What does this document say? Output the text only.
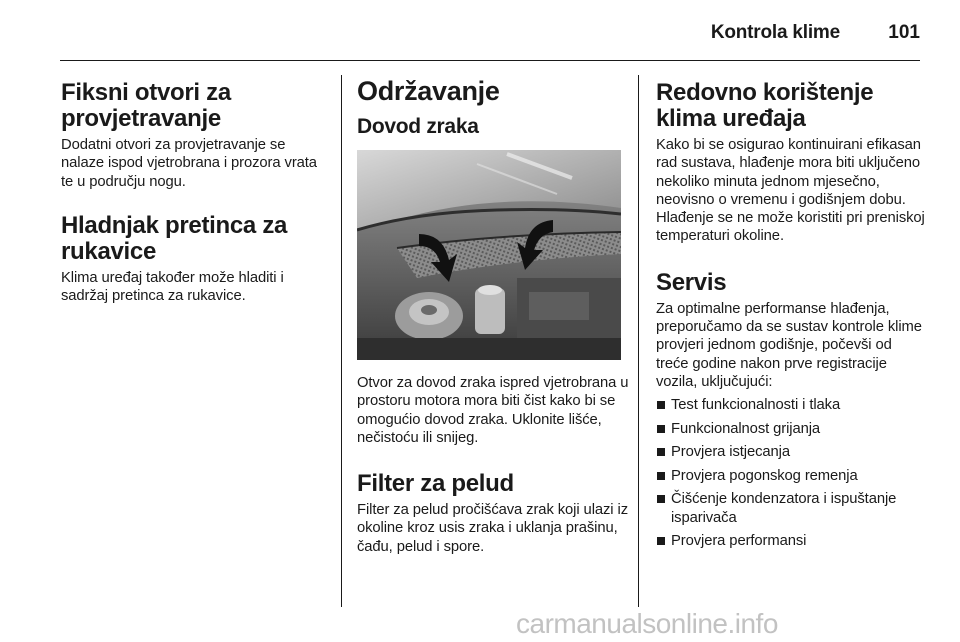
Kontrola klime	101
Fiksni otvori za provjetravanje

Dodatni otvori za provjetravanje se nalaze ispod vjetrobrana i prozora vrata te u području nogu.

Hladnjak pretinca za rukavice

Klima uređaj također može hladiti i sadržaj pretinca za rukavice.

Održavanje
Dovod zraka

Otvor za dovod zraka ispred vjetrobrana u prostoru motora mora biti čist kako bi se omogućio dovod zraka. Uklonite lišće, nečistoću ili snijeg.

Filter za pelud

Filter za pelud pročišćava zrak koji ulazi iz okoline kroz usis zraka i uklanja prašinu, čađu, pelud i spore.

Redovno korištenje klima uređaja

Kako bi se osigurao kontinuirani efikasan rad sustava, hlađenje mora biti uključeno nekoliko minuta jednom mjesečno, neovisno o vremenu i godišnjem dobu. Hlađenje se ne može koristiti pri preniskoj temperaturi okoline.

Servis

Za optimalne performanse hlađenja, preporučamo da se sustav kontrole klime provjeri jednom godišnje, počevši od treće godine nakon prve registracije vozila, uključujući:

Test funkcionalnosti i tlaka
Funkcionalnost grijanja
Provjera istjecanja
Provjera pogonskog remenja
Čišćenje kondenzatora i ispuštanje isparivača
Provjera performansi
carmanualsonline.info
